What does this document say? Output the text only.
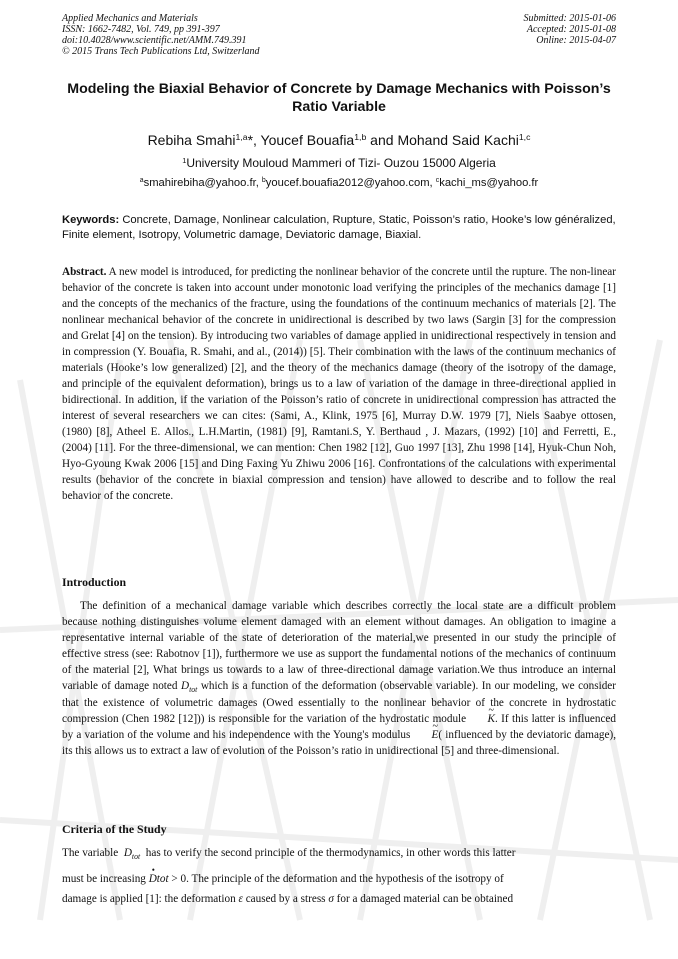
Applied Mechanics and Materials
ISSN: 1662-7482, Vol. 749, pp 391-397
doi:10.4028/www.scientific.net/AMM.749.391
© 2015 Trans Tech Publications Ltd, Switzerland
Submitted: 2015-01-06
Accepted: 2015-01-08
Online: 2015-04-07
Modeling the Biaxial Behavior of Concrete by Damage Mechanics with Poisson’s Ratio Variable
Rebiha Smahi$^{1,a}$*, Youcef Bouafia$^{1,b}$ and Mohand Said Kachi$^{1,c}$
$^1$University Mouloud Mammeri of Tizi- Ouzou 15000 Algeria
$^a$smahirebiha@yahoo.fr, $^b$youcef.bouafia2012@yahoo.com, $^c$kachi_ms@yahoo.fr
Keywords: Concrete, Damage, Nonlinear calculation, Rupture, Static, Poisson’s ratio, Hooke’s low généralized, Finite element, Isotropy, Volumetric damage, Deviatoric damage, Biaxial.
Abstract. A new model is introduced, for predicting the nonlinear behavior of the concrete until the rupture. The non-linear behavior of the concrete is taken into account under monotonic load verifying the principles of the mechanics damage [1] and the concepts of the mechanics of the fracture, using the foundations of the continuum mechanics of materials [2]. The nonlinear mechanical behavior of the concrete in unidirectional is described by two laws (Sargin [3] for the compression and Grelat [4] on the tension). By introducing two variables of damage applied in unidirectional respectively in tension and in compression (Y. Bouafia, R. Smahi, and al., (2014)) [5]. Their combination with the laws of the continuum mechanics of materials (Hooke’s low generalized) [2], and the theory of the mechanics damage (theory of the isotropy of the damage, and principle of the equivalent deformation), brings us to a law of variation of the damage in three-directional applied in bidirectional. In addition, if the variation of the Poisson’s ratio of concrete in unidirectional compression has attracted the interest of several researchers we can cites: (Sami, A., Klink, 1975 [6], Murray D.W. 1979 [7], Niels Saabye ottosen, (1980) [8], Atheel E. Allos., L.H.Martin, (1981) [9], Ramtani.S, Y. Berthaud , J. Mazars, (1992) [10] and Ferretti, E., (2004) [11]. For the three-dimensional, we can mention: Chen 1982 [12], Guo 1997 [13], Zhu 1998 [14], Hyuk-Chun Noh, Hyo-Gyoung Kwak 2006 [15] and Ding Faxing Yu Zhiwu 2006 [16]. Confrontations of the calculations with experimental results (behavior of the concrete in biaxial compression and tension) have allowed to describe and to follow the real behavior of the concrete.
Introduction

The definition of a mechanical damage variable which describes correctly the local state are a difficult problem because nothing distinguishes volume element damaged with an element without damages. An obligation to imagine a representative internal variable of the state of deterioration of the material,we presented in our study the principle of effective stress (see: Rabotnov [1]), furthermore we use as support the fundamental notions of the mechanics of continuum of the material [2], What brings us towards to a law of three-directional damage variation.We thus introduce an internal variable of damage noted $D_{tot}$ which is a function of the deformation (observable variable). In our modeling, we consider that the existence of volumetric damages (Owed essentially to the nonlinear behavior of the concrete in hydrostatic compression (Chen 1982 [12])) is responsible for the variation of the hydrostatic module ~ K. If this latter is influenced by a variation of the volume and his independence with the Young's modulus ~ E( influenced by the deviatoric damage), its this allows us to extract a law of evolution of the Poisson’s ratio in unidirectional [5] and three-dimensional.

Criteria of the Study
The variable $D_{tot}$ has to verify the second principle of the thermodynamics, in other words this latter
must be increasing • Dtot > 0. The principle of the deformation and the hypothesis of the isotropy of
damage is applied [1]: the deformation ε caused by a stress σ for a damaged material can be obtained
